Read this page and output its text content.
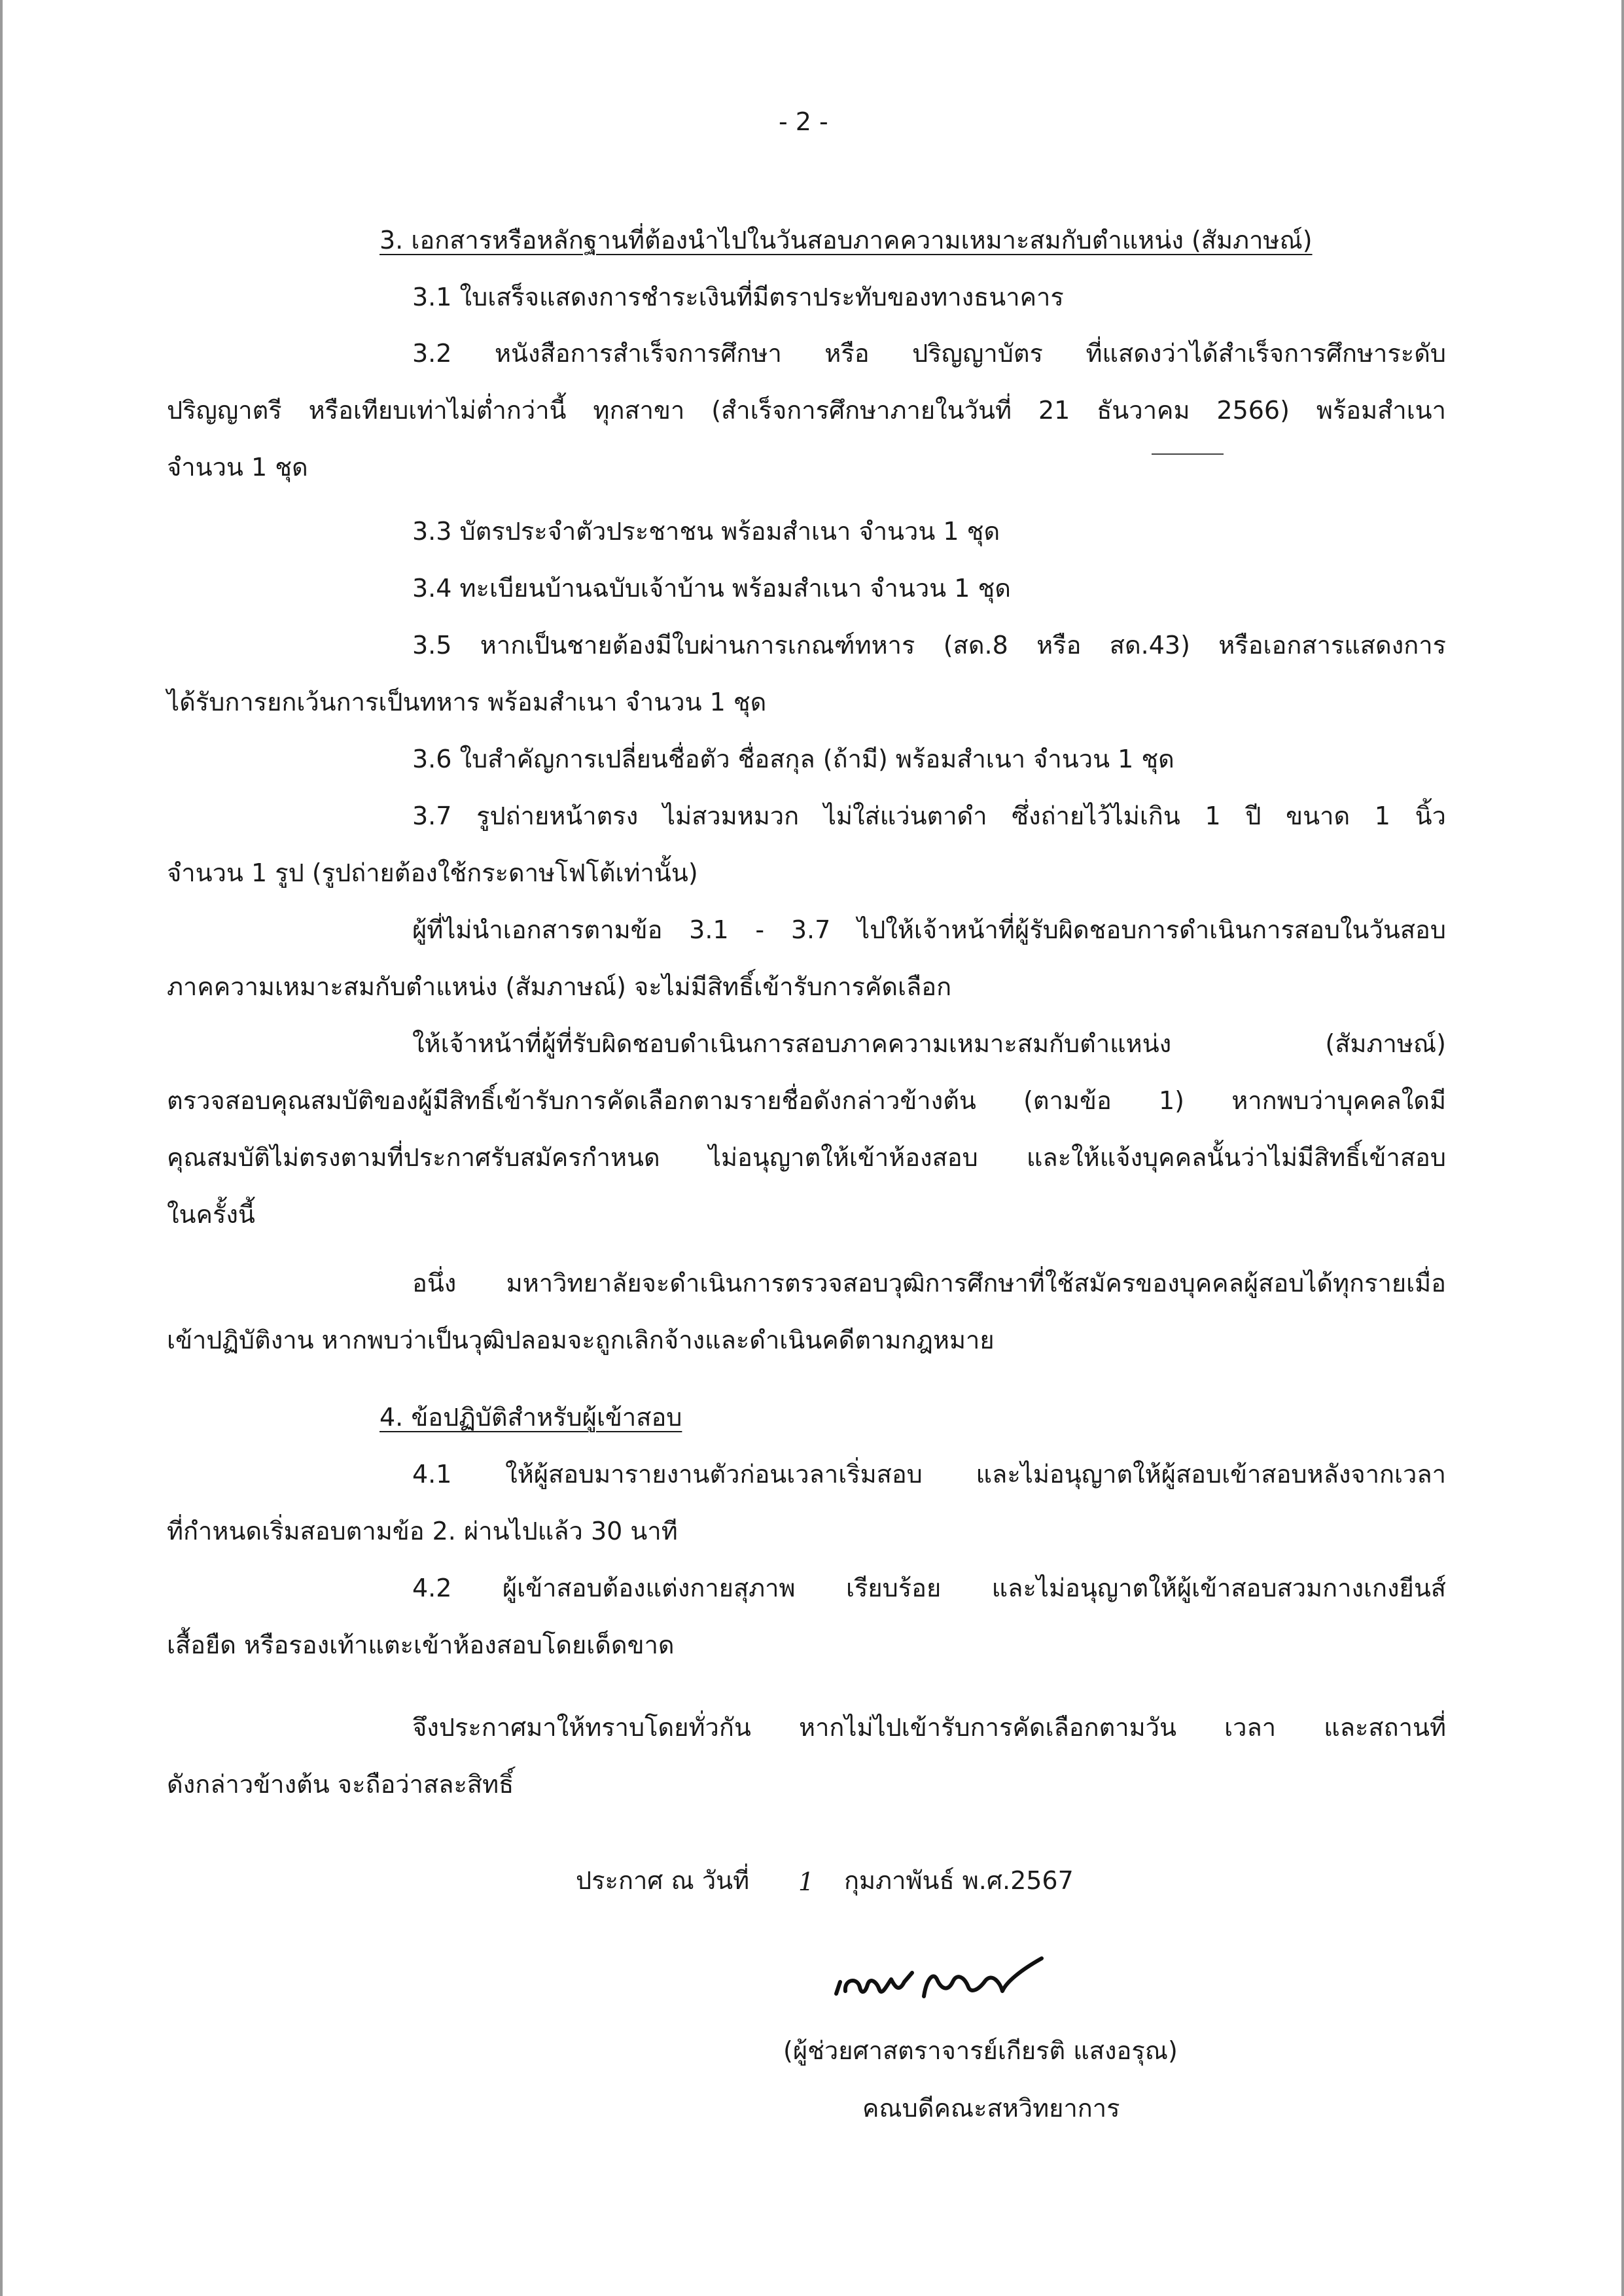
- 2 -

3. เอกสารหรือหลักฐานที่ต้องนำไปในวันสอบภาคความเหมาะสมกับตำแหน่ง (สัมภาษณ์)

3.1 ใบเสร็จแสดงการชำระเงินที่มีตราประทับของทางธนาคาร

3.2 หนังสือการสำเร็จการศึกษา หรือ ปริญญาบัตร ที่แสดงว่าได้สำเร็จการศึกษาระดับ

ปริญญาตรี หรือเทียบเท่าไม่ต่ำกว่านี้ ทุกสาขา (สำเร็จการศึกษาภายในวันที่ 21 ธันวาคม 2566) พร้อมสำเนา

จำนวน 1 ชุด

3.3 บัตรประจำตัวประชาชน พร้อมสำเนา จำนวน 1 ชุด

3.4 ทะเบียนบ้านฉบับเจ้าบ้าน พร้อมสำเนา จำนวน 1 ชุด

3.5 หากเป็นชายต้องมีใบผ่านการเกณฑ์ทหาร (สด.8 หรือ สด.43) หรือเอกสารแสดงการ

ได้รับการยกเว้นการเป็นทหาร พร้อมสำเนา จำนวน 1 ชุด

3.6 ใบสำคัญการเปลี่ยนชื่อตัว ชื่อสกุล (ถ้ามี) พร้อมสำเนา จำนวน 1 ชุด

3.7 รูปถ่ายหน้าตรง ไม่สวมหมวก ไม่ใส่แว่นตาดำ ซึ่งถ่ายไว้ไม่เกิน 1 ปี ขนาด 1 นิ้ว

จำนวน 1 รูป (รูปถ่ายต้องใช้กระดาษโฟโต้เท่านั้น)

ผู้ที่ไม่นำเอกสารตามข้อ 3.1 - 3.7 ไปให้เจ้าหน้าที่ผู้รับผิดชอบการดำเนินการสอบในวันสอบ

ภาคความเหมาะสมกับตำแหน่ง (สัมภาษณ์) จะไม่มีสิทธิ์เข้ารับการคัดเลือก

ให้เจ้าหน้าที่ผู้ที่รับผิดชอบดำเนินการสอบภาคความเหมาะสมกับตำแหน่ง (สัมภาษณ์)

ตรวจสอบคุณสมบัติของผู้มีสิทธิ์เข้ารับการคัดเลือกตามรายชื่อดังกล่าวข้างต้น (ตามข้อ 1) หากพบว่าบุคคลใดมี

คุณสมบัติไม่ตรงตามที่ประกาศรับสมัครกำหนด ไม่อนุญาตให้เข้าห้องสอบ และให้แจ้งบุคคลนั้นว่าไม่มีสิทธิ์เข้าสอบ

ในครั้งนี้

อนึ่ง มหาวิทยาลัยจะดำเนินการตรวจสอบวุฒิการศึกษาที่ใช้สมัครของบุคคลผู้สอบได้ทุกรายเมื่อ

เข้าปฏิบัติงาน หากพบว่าเป็นวุฒิปลอมจะถูกเลิกจ้างและดำเนินคดีตามกฎหมาย

4. ข้อปฏิบัติสำหรับผู้เข้าสอบ

4.1 ให้ผู้สอบมารายงานตัวก่อนเวลาเริ่มสอบ และไม่อนุญาตให้ผู้สอบเข้าสอบหลังจากเวลา

ที่กำหนดเริ่มสอบตามข้อ 2. ผ่านไปแล้ว 30 นาที

4.2 ผู้เข้าสอบต้องแต่งกายสุภาพ เรียบร้อย และไม่อนุญาตให้ผู้เข้าสอบสวมกางเกงยีนส์

เสื้อยืด หรือรองเท้าแตะเข้าห้องสอบโดยเด็ดขาด

จึงประกาศมาให้ทราบโดยทั่วกัน หากไม่ไปเข้ารับการคัดเลือกตามวัน เวลา และสถานที่

ดังกล่าวข้างต้น จะถือว่าสละสิทธิ์

ประกาศ ณ วันที่ 1 กุมภาพันธ์ พ.ศ.2567

(ผู้ช่วยศาสตราจารย์เกียรติ แสงอรุณ)

คณบดีคณะสหวิทยาการ
